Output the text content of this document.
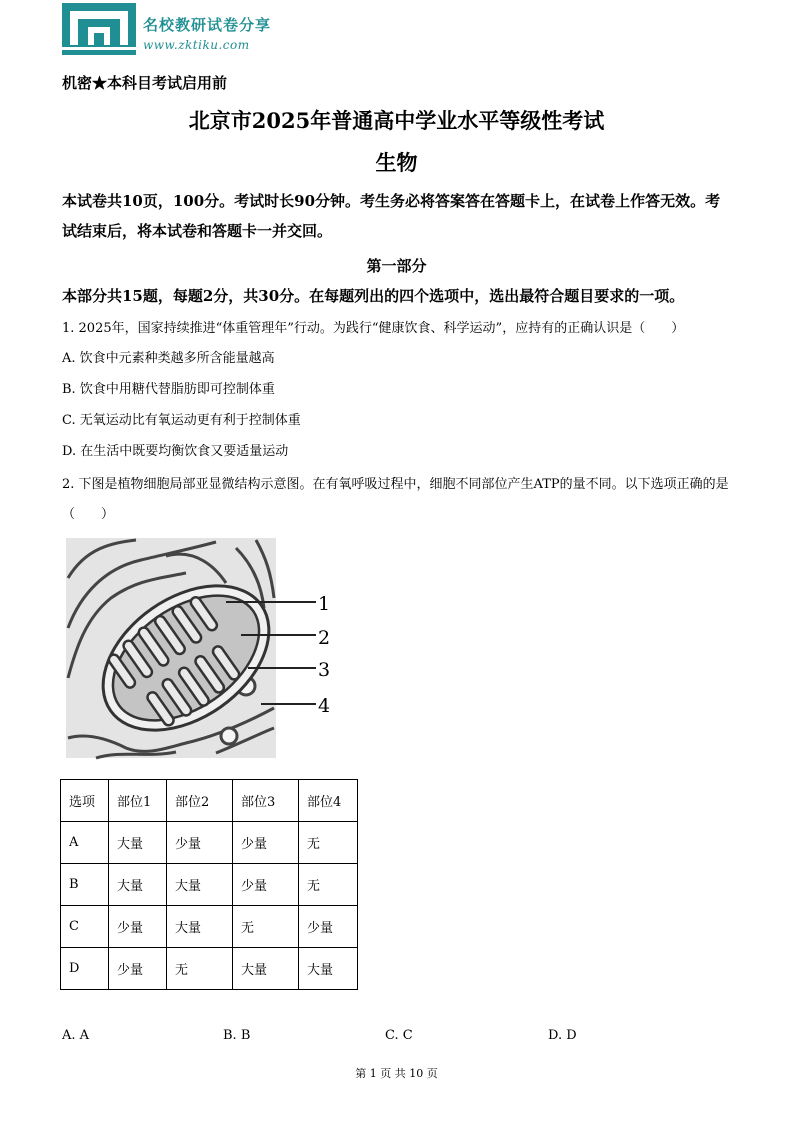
名校教研试卷分享
www.zktiku.com
机密★本科目考试启用前
北京市2025年普通高中学业水平等级性考试
生物
本试卷共10页，100分。考试时长90分钟。考生务必将答案答在答题卡上，在试卷上作答无效。考试结束后，将本试卷和答题卡一并交回。
第一部分
本部分共15题，每题2分，共30分。在每题列出的四个选项中，选出最符合题目要求的一项。
1. 2025年，国家持续推进“体重管理年”行动。为践行“健康饮食、科学运动”，应持有的正确认识是（　　）
A. 饮食中元素种类越多所含能量越高
B. 饮食中用糖代替脂肪即可控制体重
C. 无氧运动比有氧运动更有利于控制体重
D. 在生活中既要均衡饮食又要适量运动
2. 下图是植物细胞局部亚显微结构示意图。在有氧呼吸过程中，细胞不同部位产生ATP的量不同。以下选项正确的是（　　）
1
2
3
4
选项	部位1	部位2	部位3	部位4
A	大量	少量	少量	无
B	大量	大量	少量	无
C	少量	大量	无	少量
D	少量	无	大量	大量
A. A	B. B	C. C	D. D
第 1 页 共 10 页
